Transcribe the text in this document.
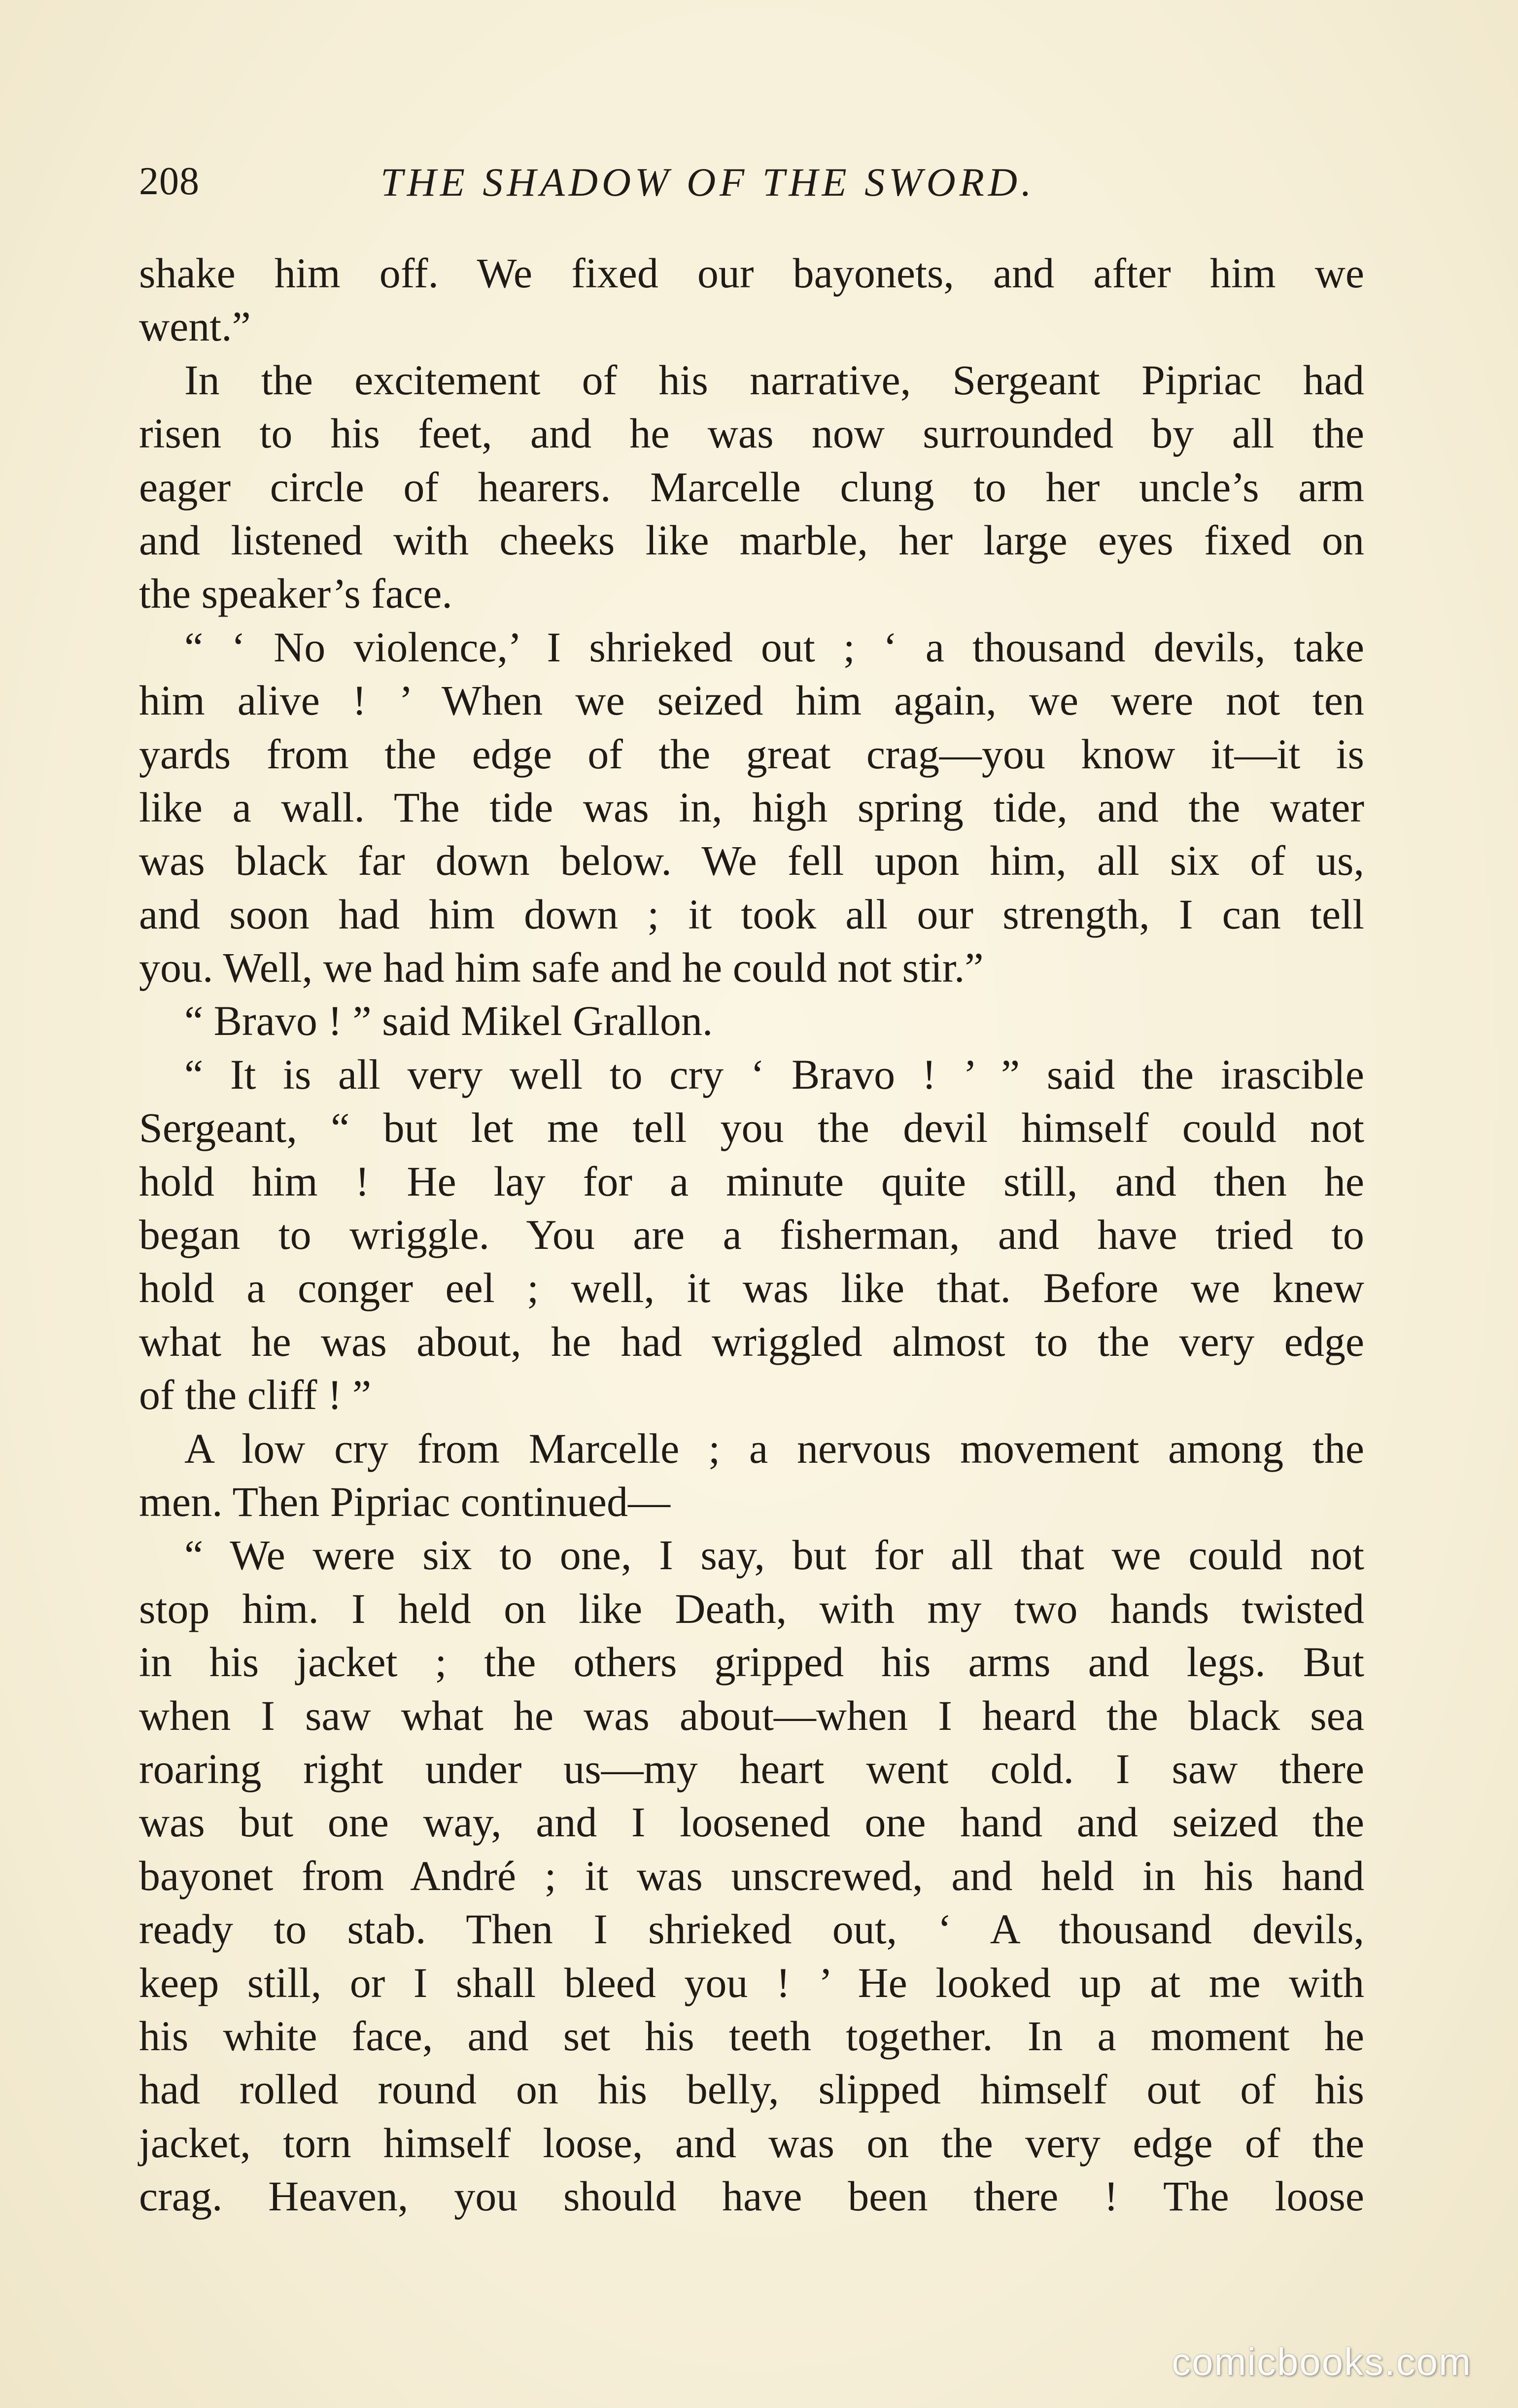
208	THE SHADOW OF THE SWORD.
shake him off. We fixed our bayonets, and after him we
went.”
In the excitement of his narrative, Sergeant Pipriac had
risen to his feet, and he was now surrounded by all the
eager circle of hearers. Marcelle clung to her uncle’s arm
and listened with cheeks like marble, her large eyes fixed on
the speaker’s face.
“ ‘ No violence,’ I shrieked out ; ‘ a thousand devils, take
him alive ! ’ When we seized him again, we were not ten
yards from the edge of the great crag—you know it—it is
like a wall. The tide was in, high spring tide, and the water
was black far down below. We fell upon him, all six of us,
and soon had him down ; it took all our strength, I can tell
you. Well, we had him safe and he could not stir.”
“ Bravo ! ” said Mikel Grallon.
“ It is all very well to cry ‘ Bravo ! ’ ” said the irascible
Sergeant, “ but let me tell you the devil himself could not
hold him ! He lay for a minute quite still, and then he
began to wriggle. You are a fisherman, and have tried to
hold a conger eel ; well, it was like that. Before we knew
what he was about, he had wriggled almost to the very edge
of the cliff ! ”
A low cry from Marcelle ; a nervous movement among the
men. Then Pipriac continued—
“ We were six to one, I say, but for all that we could not
stop him. I held on like Death, with my two hands twisted
in his jacket ; the others gripped his arms and legs. But
when I saw what he was about—when I heard the black sea
roaring right under us—my heart went cold. I saw there
was but one way, and I loosened one hand and seized the
bayonet from André ; it was unscrewed, and held in his hand
ready to stab. Then I shrieked out, ‘ A thousand devils,
keep still, or I shall bleed you ! ’ He looked up at me with
his white face, and set his teeth together. In a moment he
had rolled round on his belly, slipped himself out of his
jacket, torn himself loose, and was on the very edge of the
crag. Heaven, you should have been there ! The loose
comicbooks.com
